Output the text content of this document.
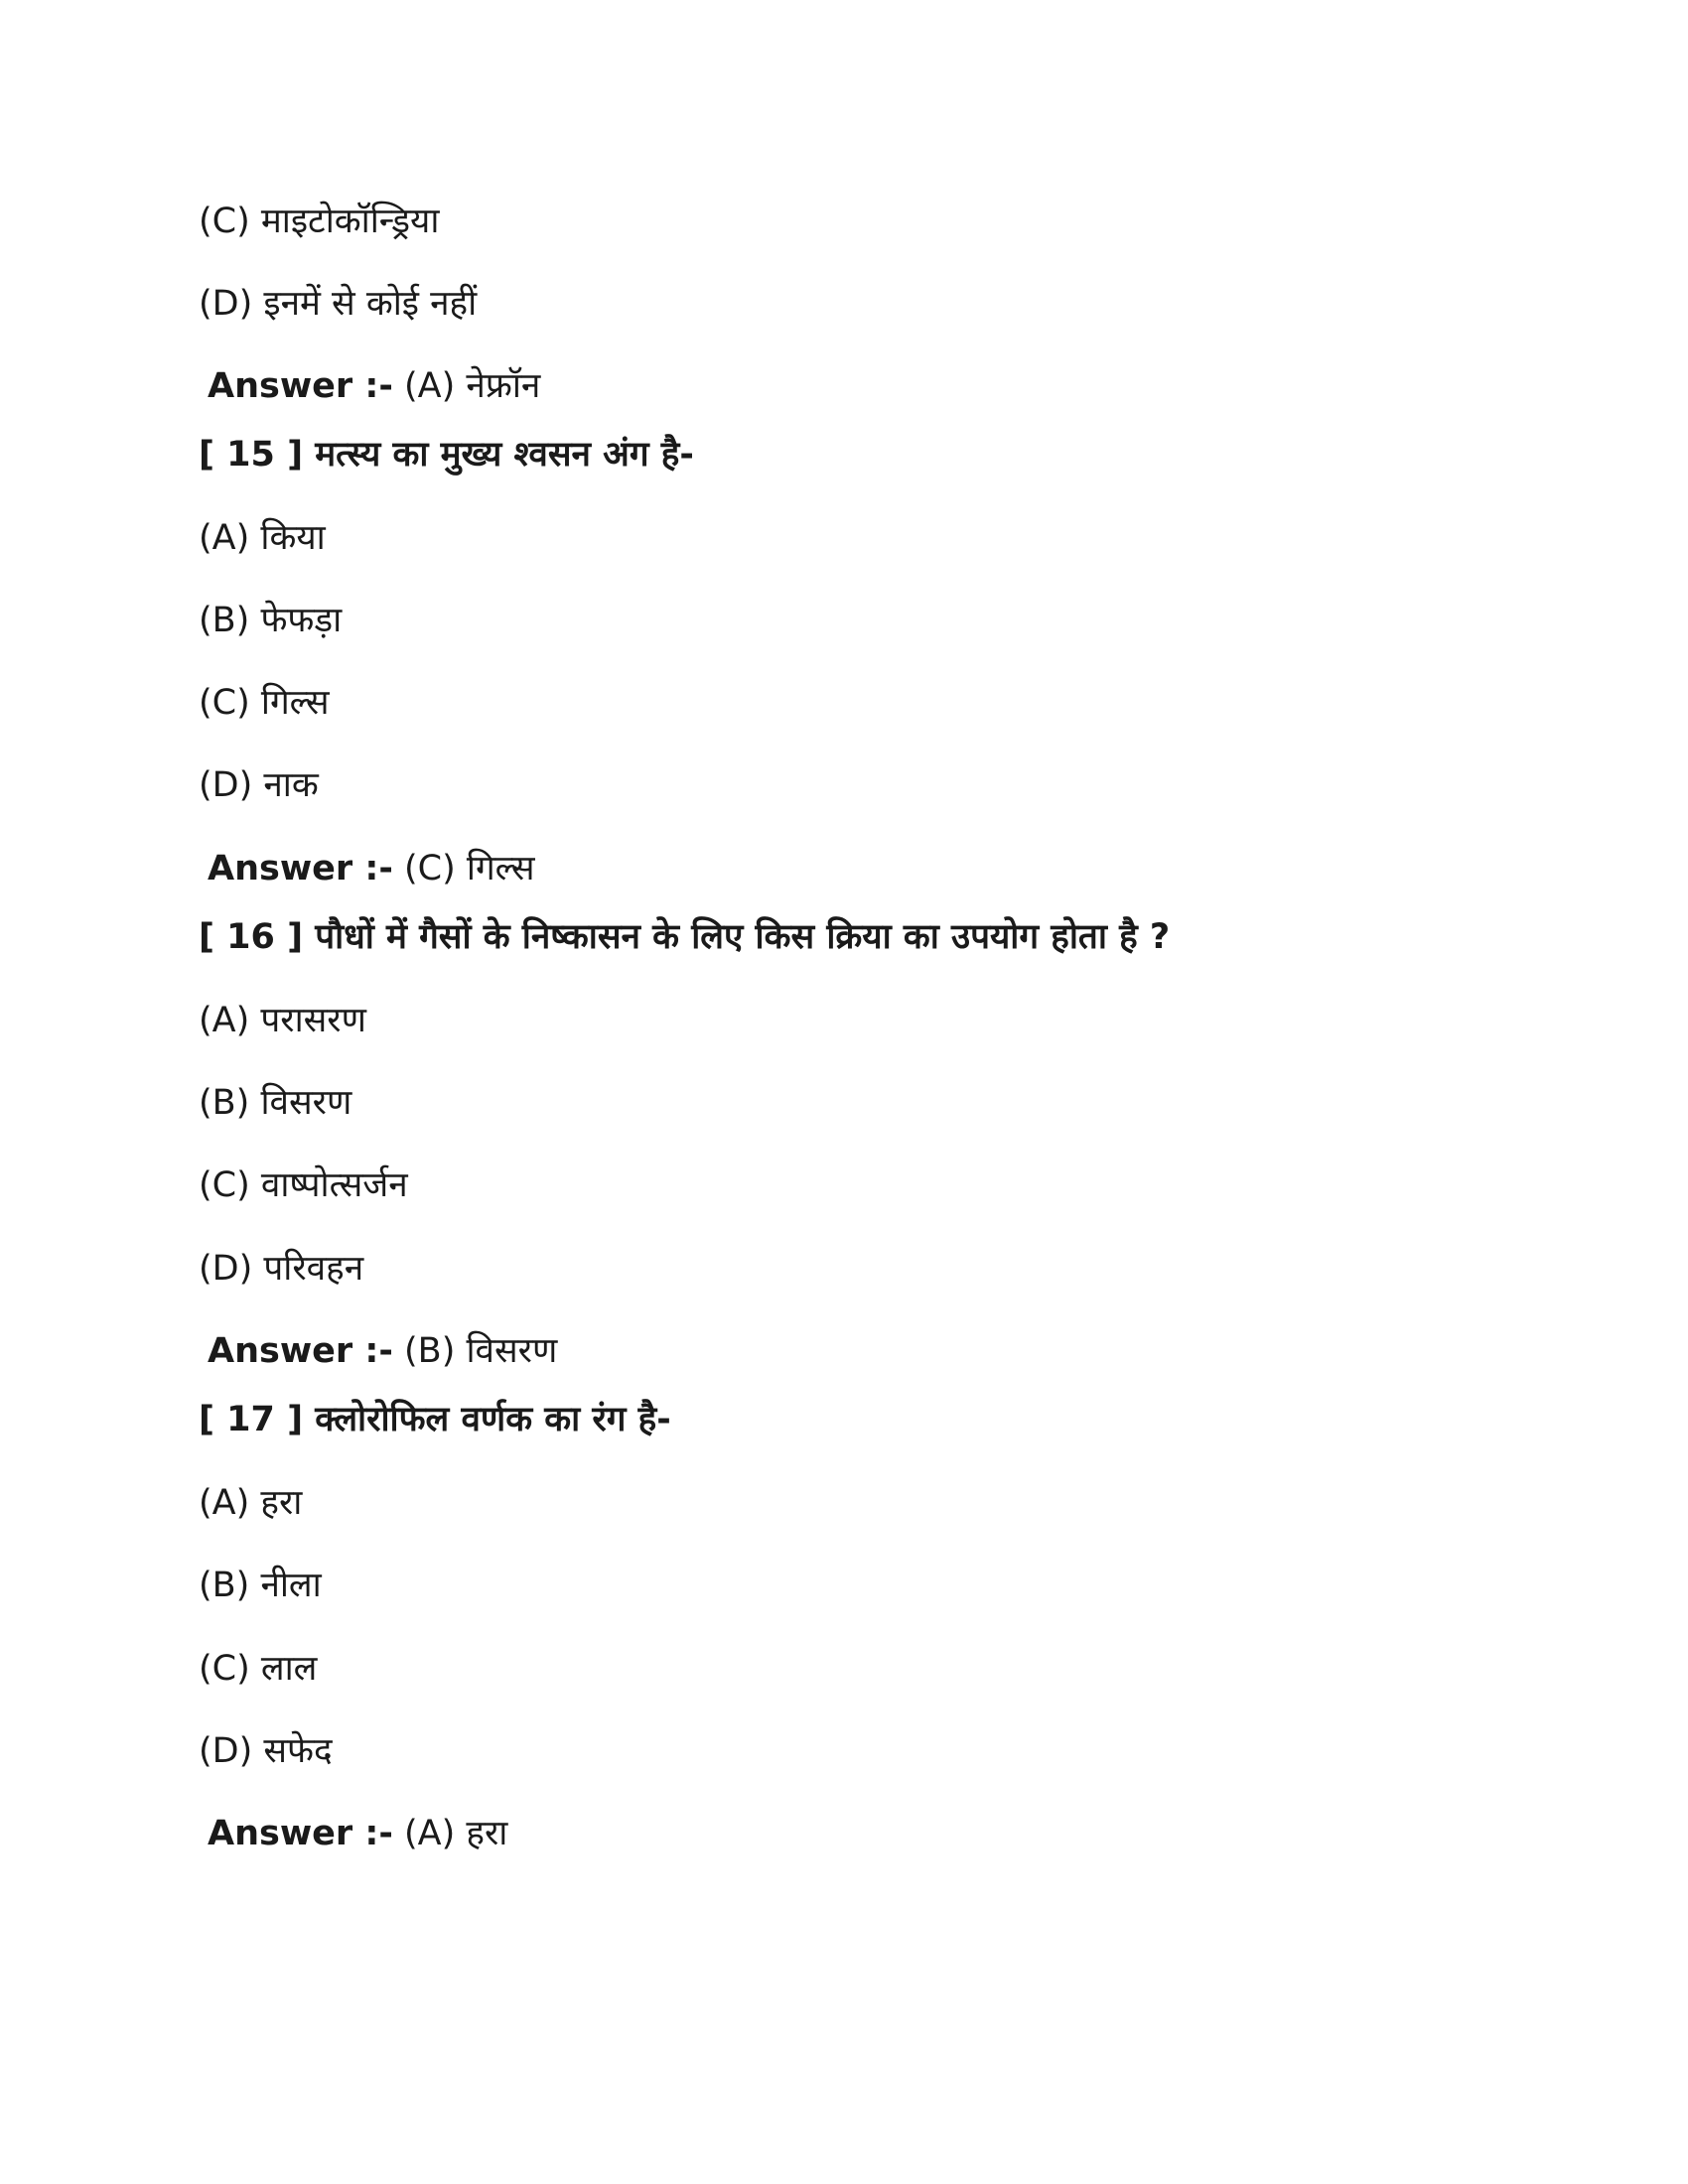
(C) माइटोकॉन्ड्रिया
(D) इनमें से कोई नहीं
Answer :- (A) नेफ्रॉन
[ 15 ] मत्स्य का मुख्य श्वसन अंग है-
(A) किया
(B) फेफड़ा
(C) गिल्स
(D) नाक
Answer :- (C) गिल्स
[ 16 ] पौधों में गैसों के निष्कासन के लिए किस क्रिया का उपयोग होता है ?
(A) परासरण
(B) विसरण
(C) वाष्पोत्सर्जन
(D) परिवहन
Answer :- (B) विसरण
[ 17 ] क्लोरोफिल वर्णक का रंग है-
(A) हरा
(B) नीला
(C) लाल
(D) सफेद
Answer :- (A) हरा
